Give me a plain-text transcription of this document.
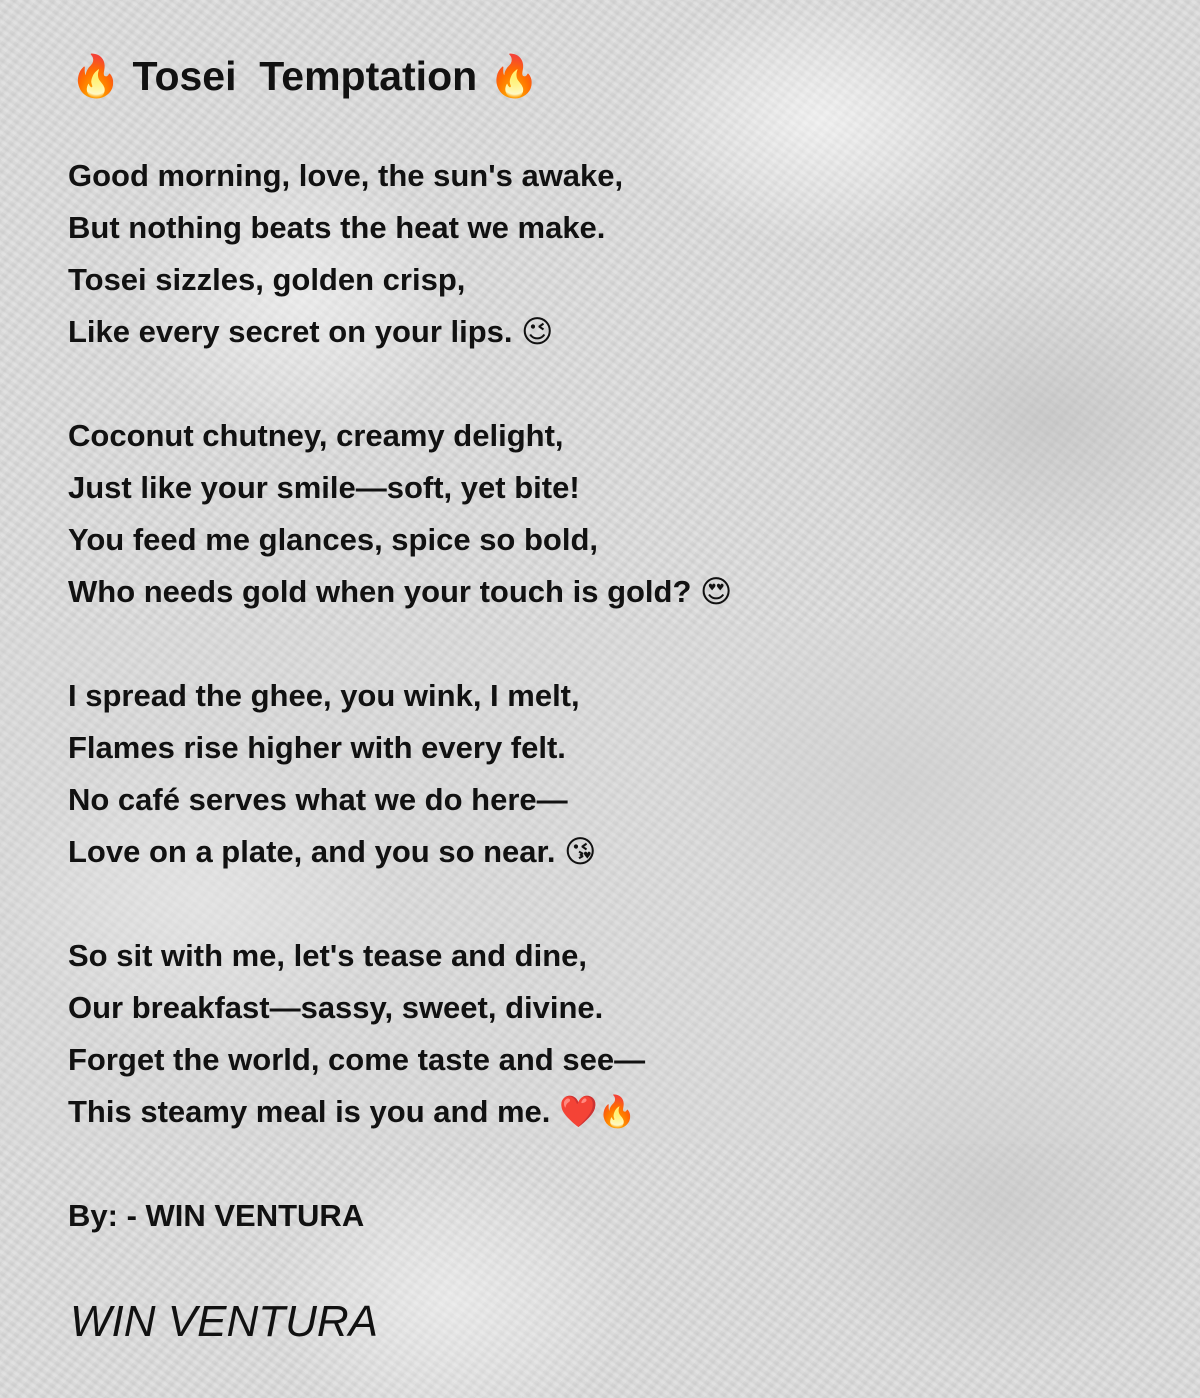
🔥 Tosei  Temptation 🔥
Good morning, love, the sun's awake,
But nothing beats the heat we make.
Tosei sizzles, golden crisp,
Like every secret on your lips. 😉
Coconut chutney, creamy delight,
Just like your smile—soft, yet bite!
You feed me glances, spice so bold,
Who needs gold when your touch is gold? 😍
I spread the ghee, you wink, I melt,
Flames rise higher with every felt.
No café serves what we do here—
Love on a plate, and you so near. 😘
So sit with me, let's tease and dine,
Our breakfast—sassy, sweet, divine.
Forget the world, come taste and see—
This steamy meal is you and me. ❤️🔥
By: - WIN VENTURA
WIN VENTURA
